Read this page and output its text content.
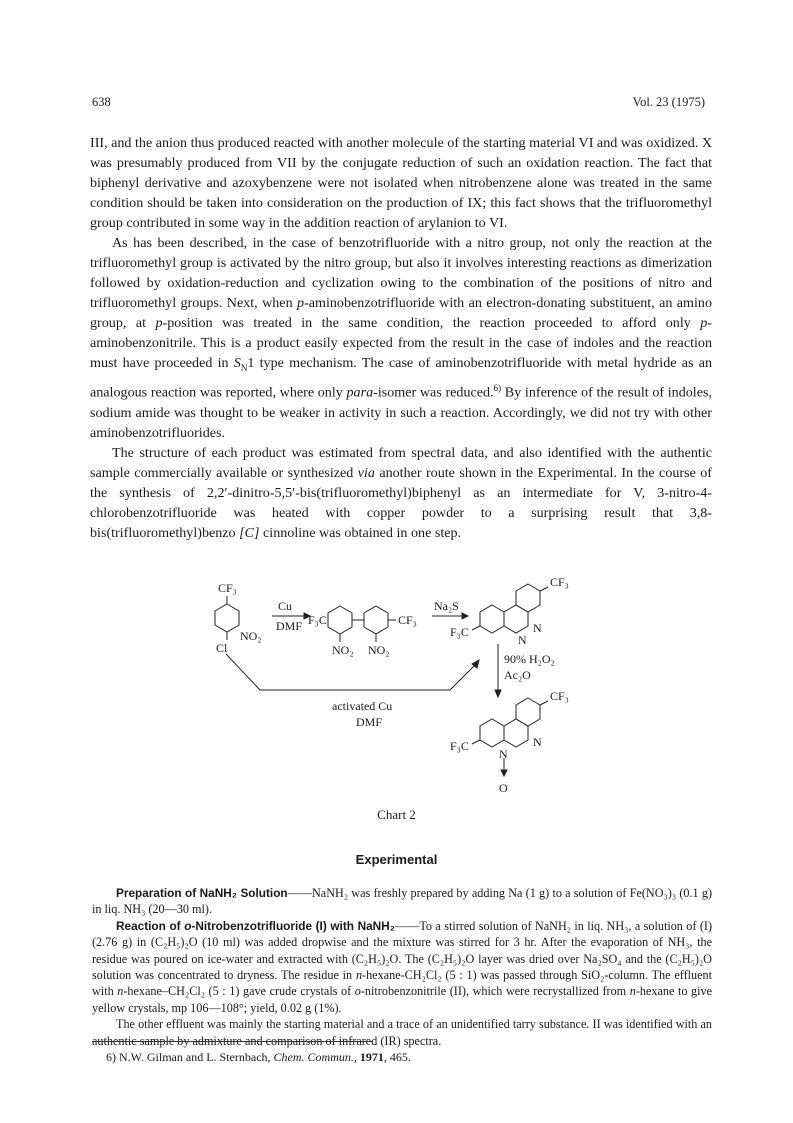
638	Vol. 23 (1975)

III, and the anion thus produced reacted with another molecule of the starting material VI and was oxidized. X was presumably produced from VII by the conjugate reduction of such an oxidation reaction. The fact that biphenyl derivative and azoxybenzene were not isolated when nitrobenzene alone was treated in the same condition should be taken into consideration on the production of IX; this fact shows that the trifluoromethyl group contributed in some way in the addition reaction of arylanion to VI.

As has been described, in the case of benzotrifluoride with a nitro group, not only the reaction at the trifluoromethyl group is activated by the nitro group, but also it involves interesting reactions as dimerization followed by oxidation-reduction and cyclization owing to the combination of the positions of nitro and trifluoromethyl groups. Next, when p-aminobenzotrifluoride with an electron-donating substituent, an amino group, at p-position was treated in the same condition, the reaction proceeded to afford only p-aminobenzonitrile. This is a product easily expected from the result in the case of indoles and the reaction must have proceeded in $S_N1$ type mechanism. The case of aminobenzotrifluoride with metal hydride as an analogous reaction was reported, where only para-isomer was reduced.$^{6)}$ By inference of the result of indoles, sodium amide was thought to be weaker in activity in such a reaction. Accordingly, we did not try with other aminobenzotrifluorides.

The structure of each product was estimated from spectral data, and also identified with the authentic sample commercially available or synthesized via another route shown in the Experimental. In the course of the synthesis of 2,2′-dinitro-5,5′-bis(trifluoromethyl)biphenyl as an intermediate for V, 3-nitro-4-chlorobenzotrifluoride was heated with copper powder to a surprising result that 3,8-bis(trifluoromethyl)benzo [C] cinnoline was obtained in one step.

CF₃
NO₂
Cl
Cu
DMF F₃C	CF₃
NO₂ NO₂
Na₂S
CF₃
N
N
F₃C
90% H₂O₂
Ac₂O
activated Cu
DMF
CF₃
N
N
F₃C
O
Chart 2
Experimental

Preparation of NaNH₂ Solution——NaNH₂ was freshly prepared by adding Na (1 g) to a solution of Fe(NO₃)₃ (0.1 g) in liq. NH₃ (20—30 ml).

Reaction of o-Nitrobenzotrifluoride (I) with NaNH₂——To a stirred solution of NaNH₂ in liq. NH₃, a solution of (I) (2.76 g) in (C₂H₅)₂O (10 ml) was added dropwise and the mixture was stirred for 3 hr. After the evaporation of NH₃, the residue was poured on ice-water and extracted with (C₂H₅)₂O. The (C₂H₅)₂O layer was dried over Na₂SO₄ and the (C₂H₅)₂O solution was concentrated to dryness. The residue in n-hexane-CH₂Cl₂ (5 : 1) was passed through SiO₂-column. The effluent with n-hexane–CH₂Cl₂ (5 : 1) gave crude crystals of o-nitrobenzonitrile (II), which were recrystallized from n-hexane to give yellow crystals, mp 106—108°; yield, 0.02 g (1%).

The other effluent was mainly the starting material and a trace of an unidentified tarry substance. II was identified with an authentic sample by admixture and comparison of infrared (IR) spectra.

6) N.W. Gilman and L. Sternbach, Chem. Commun., 1971, 465.
